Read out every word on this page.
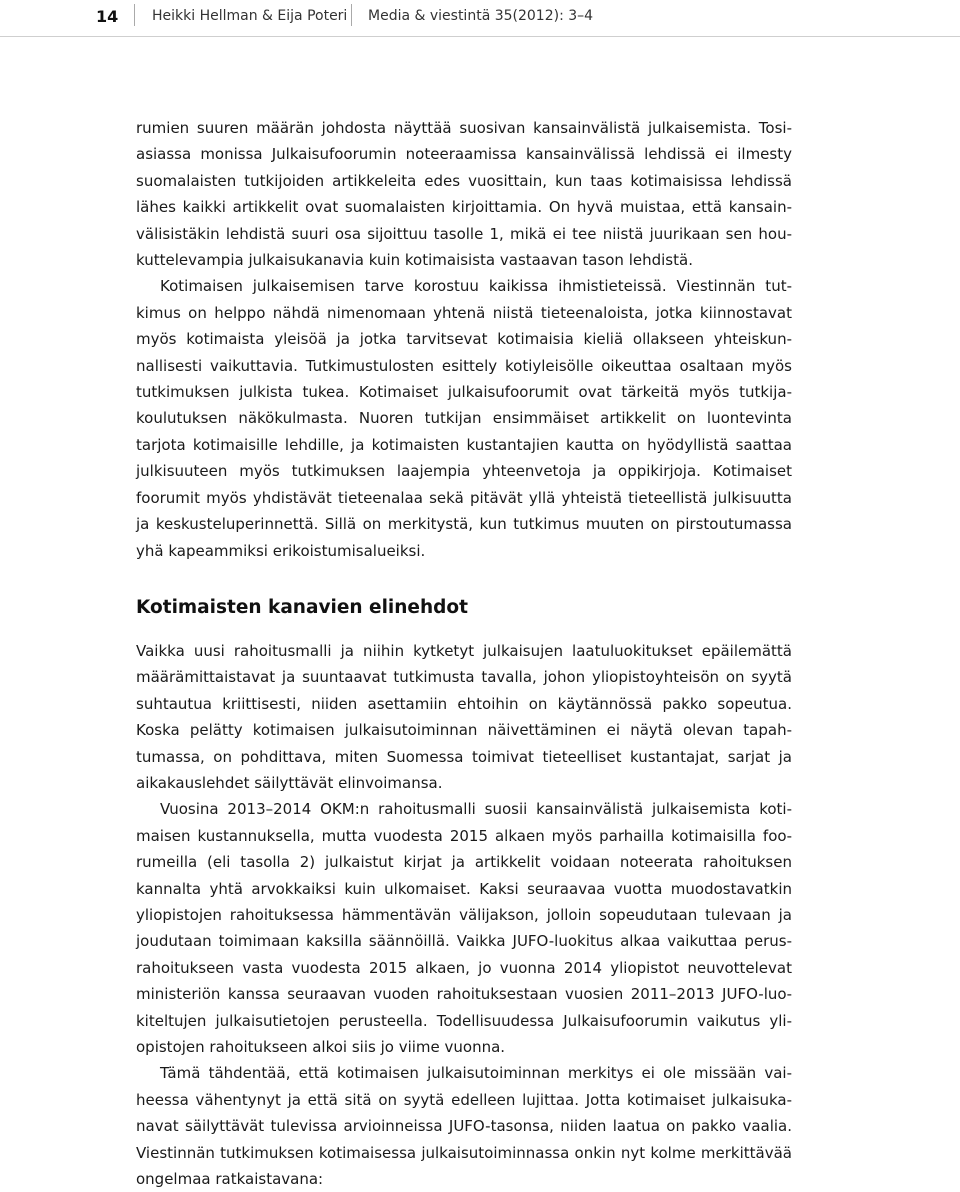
14 Heikki Hellman & Eija Poteri Media & viestintä 35(2012): 3–4

rumien suuren määrän johdosta näyttää suosivan kansainvälistä julkaisemista. Tosiasiassa monissa Julkaisufoorumin noteeraamissa kansainvälissä lehdissä ei ilmesty suomalaisten tutkijoiden artikkeleita edes vuosittain, kun taas kotimaisissa lehdissä lähes kaikki artikkelit ovat suomalaisten kirjoittamia. On hyvä muistaa, että kansainvälisistäkin lehdistä suuri osa sijoittuu tasolle 1, mikä ei tee niistä juurikaan sen houkuttelevampia julkaisukanavia kuin kotimaisista vastaavan tason lehdistä.

Kotimaisen julkaisemisen tarve korostuu kaikissa ihmistieteissä. Viestinnän tutkimus on helppo nähdä nimenomaan yhtenä niistä tieteenaloista, jotka kiinnostavat myös kotimaista yleisöä ja jotka tarvitsevat kotimaisia kieliä ollakseen yhteiskunnallisesti vaikuttavia. Tutkimustulosten esittely kotiyleisölle oikeuttaa osaltaan myös tutkimuksen julkista tukea. Kotimaiset julkaisufoorumit ovat tärkeitä myös tutkijakoulutuksen näkökulmasta. Nuoren tutkijan ensimmäiset artikkelit on luontevinta tarjota kotimaisille lehdille, ja kotimaisten kustantajien kautta on hyödyllistä saattaa julkisuuteen myös tutkimuksen laajempia yhteenvetoja ja oppikirjoja. Kotimaiset foorumit myös yhdistävät tieteenalaa sekä pitävät yllä yhteistä tieteellistä julkisuutta ja keskusteluperinnettä. Sillä on merkitystä, kun tutkimus muuten on pirstoutumassa yhä kapeammiksi erikoistumisalueiksi.

Kotimaisten kanavien elinehdot

Vaikka uusi rahoitusmalli ja niihin kytketyt julkaisujen laatuluokitukset epäilemättä määrämittaistavat ja suuntaavat tutkimusta tavalla, johon yliopistoyhteisön on syytä suhtautua kriittisesti, niiden asettamiin ehtoihin on käytännössä pakko sopeutua. Koska pelätty kotimaisen julkaisutoiminnan näivettäminen ei näytä olevan tapahtumassa, on pohdittava, miten Suomessa toimivat tieteelliset kustantajat, sarjat ja aikakauslehdet säilyttävät elinvoimansa.

Vuosina 2013–2014 OKM:n rahoitusmalli suosii kansainvälistä julkaisemista kotimaisen kustannuksella, mutta vuodesta 2015 alkaen myös parhailla kotimaisilla foorumeilla (eli tasolla 2) julkaistut kirjat ja artikkelit voidaan noteerata rahoituksen kannalta yhtä arvokkaiksi kuin ulkomaiset. Kaksi seuraavaa vuotta muodostavatkin yliopistojen rahoituksessa hämmentävän välijakson, jolloin sopeudutaan tulevaan ja joudutaan toimimaan kaksilla säännöillä. Vaikka JUFO-luokitus alkaa vaikuttaa perusrahoitukseen vasta vuodesta 2015 alkaen, jo vuonna 2014 yliopistot neuvottelevat ministeriön kanssa seuraavan vuoden rahoituksestaan vuosien 2011–2013 JUFO-luokiteltujen julkaisutietojen perusteella. Todellisuudessa Julkaisufoorumin vaikutus yliopistojen rahoitukseen alkoi siis jo viime vuonna.

Tämä tähdentää, että kotimaisen julkaisutoiminnan merkitys ei ole missään vaiheessa vähentynyt ja että sitä on syytä edelleen lujittaa. Jotta kotimaiset julkaisukanavat säilyttävät tulevissa arvioinneissa JUFO-tasonsa, niiden laatua on pakko vaalia. Viestinnän tutkimuksen kotimaisessa julkaisutoiminnassa onkin nyt kolme merkittävää ongelmaa ratkaistavana:
